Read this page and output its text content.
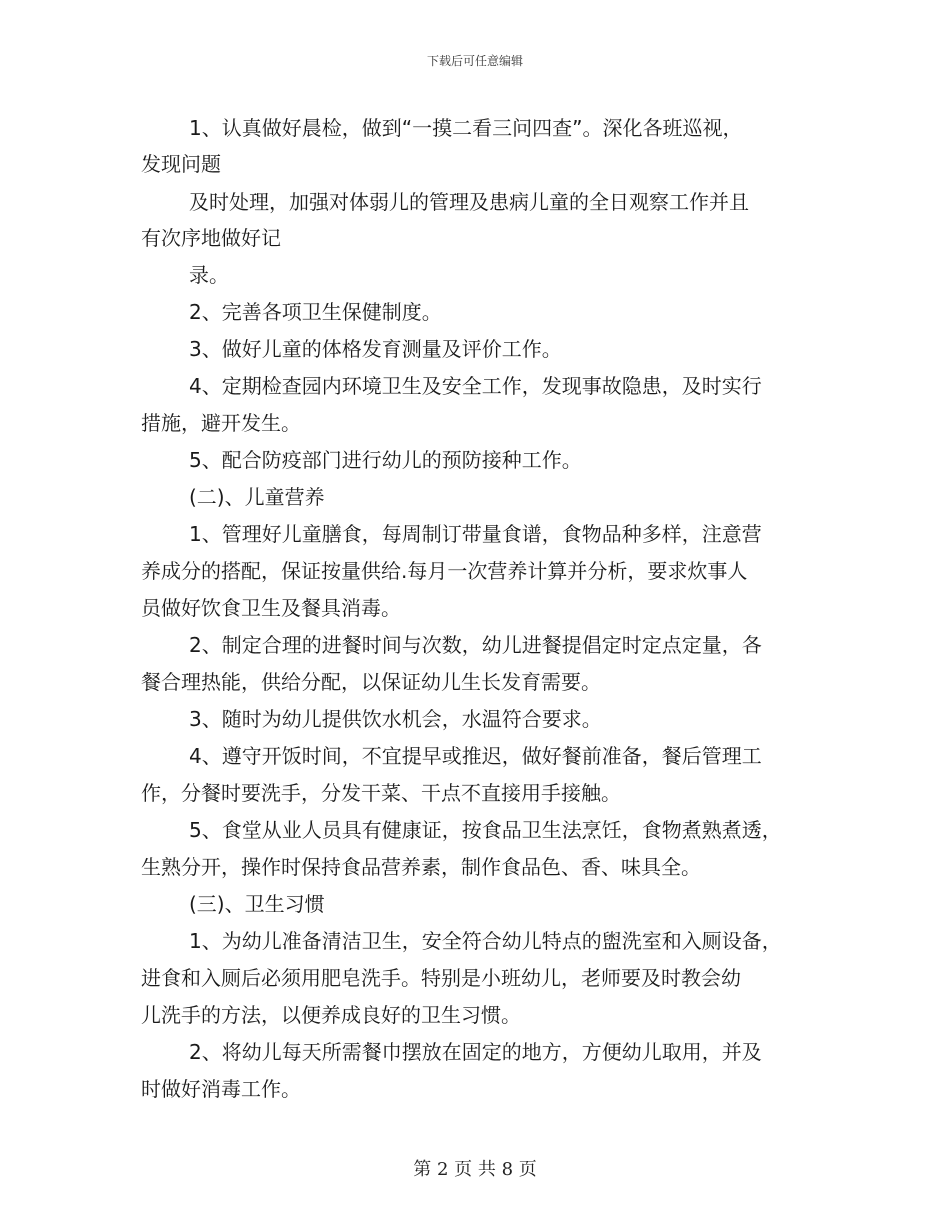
下载后可任意编辑
1、认真做好晨检，做到“一摸二看三问四查”。深化各班巡视，
发现问题
及时处理，加强对体弱儿的管理及患病儿童的全日观察工作并且
有次序地做好记
录。
2、完善各项卫生保健制度。
3、做好儿童的体格发育测量及评价工作。
4、定期检查园内环境卫生及安全工作，发现事故隐患，及时实行
措施，避开发生。
5、配合防疫部门进行幼儿的预防接种工作。
(二)、儿童营养
1、管理好儿童膳食，每周制订带量食谱，食物品种多样，注意营
养成分的搭配，保证按量供给.每月一次营养计算并分析，要求炊事人
员做好饮食卫生及餐具消毒。
2、制定合理的进餐时间与次数，幼儿进餐提倡定时定点定量，各
餐合理热能，供给分配，以保证幼儿生长发育需要。
3、随时为幼儿提供饮水机会，水温符合要求。
4、遵守开饭时间，不宜提早或推迟，做好餐前准备，餐后管理工
作，分餐时要洗手，分发干菜、干点不直接用手接触。
5、食堂从业人员具有健康证，按食品卫生法烹饪，食物煮熟煮透，
生熟分开，操作时保持食品营养素，制作食品色、香、味具全。
(三)、卫生习惯
1、为幼儿准备清洁卫生，安全符合幼儿特点的盥洗室和入厕设备，
进食和入厕后必须用肥皂洗手。特别是小班幼儿，老师要及时教会幼
儿洗手的方法，以便养成良好的卫生习惯。
2、将幼儿每天所需餐巾摆放在固定的地方，方便幼儿取用，并及
时做好消毒工作。
第 2 页 共 8 页
